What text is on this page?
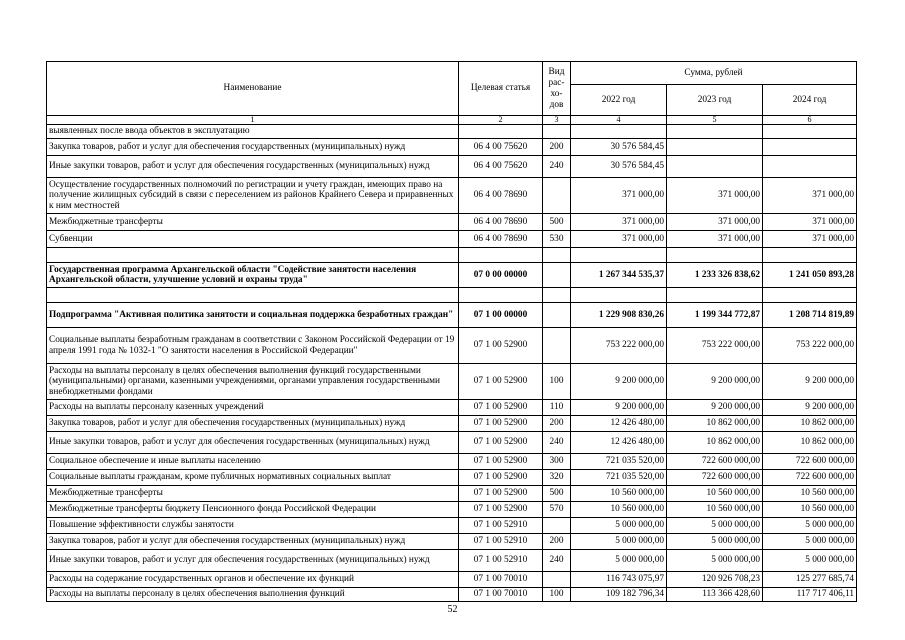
Наименование	Целевая статья	Вид рас- хо- дов	Сумма, рублей		
			2022 год	2023 год	2024 год
1	2	3	4	5	6
выявленных после ввода объектов в эксплуатацию					
Закупка товаров, работ и услуг для обеспечения государственных (муниципальных) нужд	06 4 00 75620	200	30 576 584,45		
Иные закупки товаров, работ и услуг для обеспечения государственных (муниципальных) нужд	06 4 00 75620	240	30 576 584,45		
Осуществление государственных полномочий по регистрации и учету граждан, имеющих право на получение жилищных субсидий в связи с переселением из районов Крайнего Севера и приравненных к ним местностей	06 4 00 78690		371 000,00	371 000,00	371 000,00
Межбюджетные трансферты	06 4 00 78690	500	371 000,00	371 000,00	371 000,00
Субвенции	06 4 00 78690	530	371 000,00	371 000,00	371 000,00

Государственная программа Архангельской области "Содействие занятости населения Архангельской области, улучшение условий и охраны труда"	07 0 00 00000		1 267 344 535,37	1 233 326 838,62	1 241 050 893,28

Подпрограмма "Активная политика занятости и социальная поддержка безработных граждан"	07 1 00 00000		1 229 908 830,26	1 199 344 772,87	1 208 714 819,89
Социальные выплаты безработным гражданам в соответствии с Законом Российской Федерации от 19 апреля 1991 года № 1032-1 "О занятости населения в Российской Федерации"	07 1 00 52900		753 222 000,00	753 222 000,00	753 222 000,00
Расходы на выплаты персоналу в целях обеспечения выполнения функций государственными (муниципальными) органами, казенными учреждениями, органами управления государственными внебюджетными фондами	07 1 00 52900	100	9 200 000,00	9 200 000,00	9 200 000,00
Расходы на выплаты персоналу казенных учреждений	07 1 00 52900	110	9 200 000,00	9 200 000,00	9 200 000,00
Закупка товаров, работ и услуг для обеспечения государственных (муниципальных) нужд	07 1 00 52900	200	12 426 480,00	10 862 000,00	10 862 000,00
Иные закупки товаров, работ и услуг для обеспечения государственных (муниципальных) нужд	07 1 00 52900	240	12 426 480,00	10 862 000,00	10 862 000,00
Социальное обеспечение и иные выплаты населению	07 1 00 52900	300	721 035 520,00	722 600 000,00	722 600 000,00
Социальные выплаты гражданам, кроме публичных нормативных социальных выплат	07 1 00 52900	320	721 035 520,00	722 600 000,00	722 600 000,00
Межбюджетные трансферты	07 1 00 52900	500	10 560 000,00	10 560 000,00	10 560 000,00
Межбюджетные трансферты бюджету Пенсионного фонда Российской Федерации	07 1 00 52900	570	10 560 000,00	10 560 000,00	10 560 000,00
Повышение эффективности службы занятости	07 1 00 52910		5 000 000,00	5 000 000,00	5 000 000,00
Закупка товаров, работ и услуг для обеспечения государственных (муниципальных) нужд	07 1 00 52910	200	5 000 000,00	5 000 000,00	5 000 000,00
Иные закупки товаров, работ и услуг для обеспечения государственных (муниципальных) нужд	07 1 00 52910	240	5 000 000,00	5 000 000,00	5 000 000,00
Расходы на содержание государственных органов и обеспечение их функций	07 1 00 70010		116 743 075,97	120 926 708,23	125 277 685,74
Расходы на выплаты персоналу в целях обеспечения выполнения функций	07 1 00 70010	100	109 182 796,34	113 366 428,60	117 717 406,11
52
